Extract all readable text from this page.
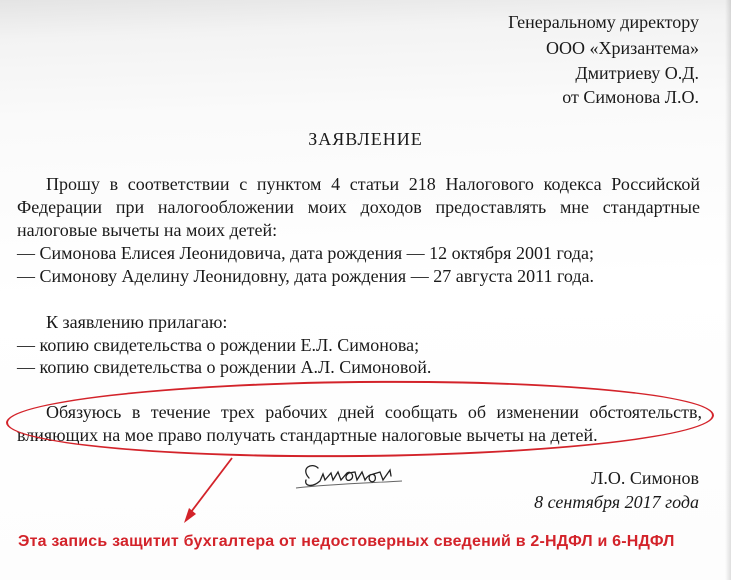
Генеральному директору
ООО «Хризантема»
Дмитриеву О.Д.
от Симонова Л.О.
ЗАЯВЛЕНИЕ
Прошу в соответствии с пунктом 4 статьи 218 Налогового кодекса Российской
Федерации при налогообложении моих доходов предоставлять мне стандартные
налоговые вычеты на моих детей:
— Симонова Елисея Леонидовича, дата рождения — 12 октября 2001 года;
— Симонову Аделину Леонидовну, дата рождения — 27 августа 2011 года.
К заявлению прилагаю:
— копию свидетельства о рождении Е.Л. Симонова;
— копию свидетельства о рождении А.Л. Симоновой.
Обязуюсь в течение трех рабочих дней сообщать об изменении обстоятельств,
влияющих на мое право получать стандартные налоговые вычеты на детей.
Л.О. Симонов
8 сентября 2017 года
Эта запись защитит бухгалтера от недостоверных сведений в 2-НДФЛ и 6-НДФЛ
